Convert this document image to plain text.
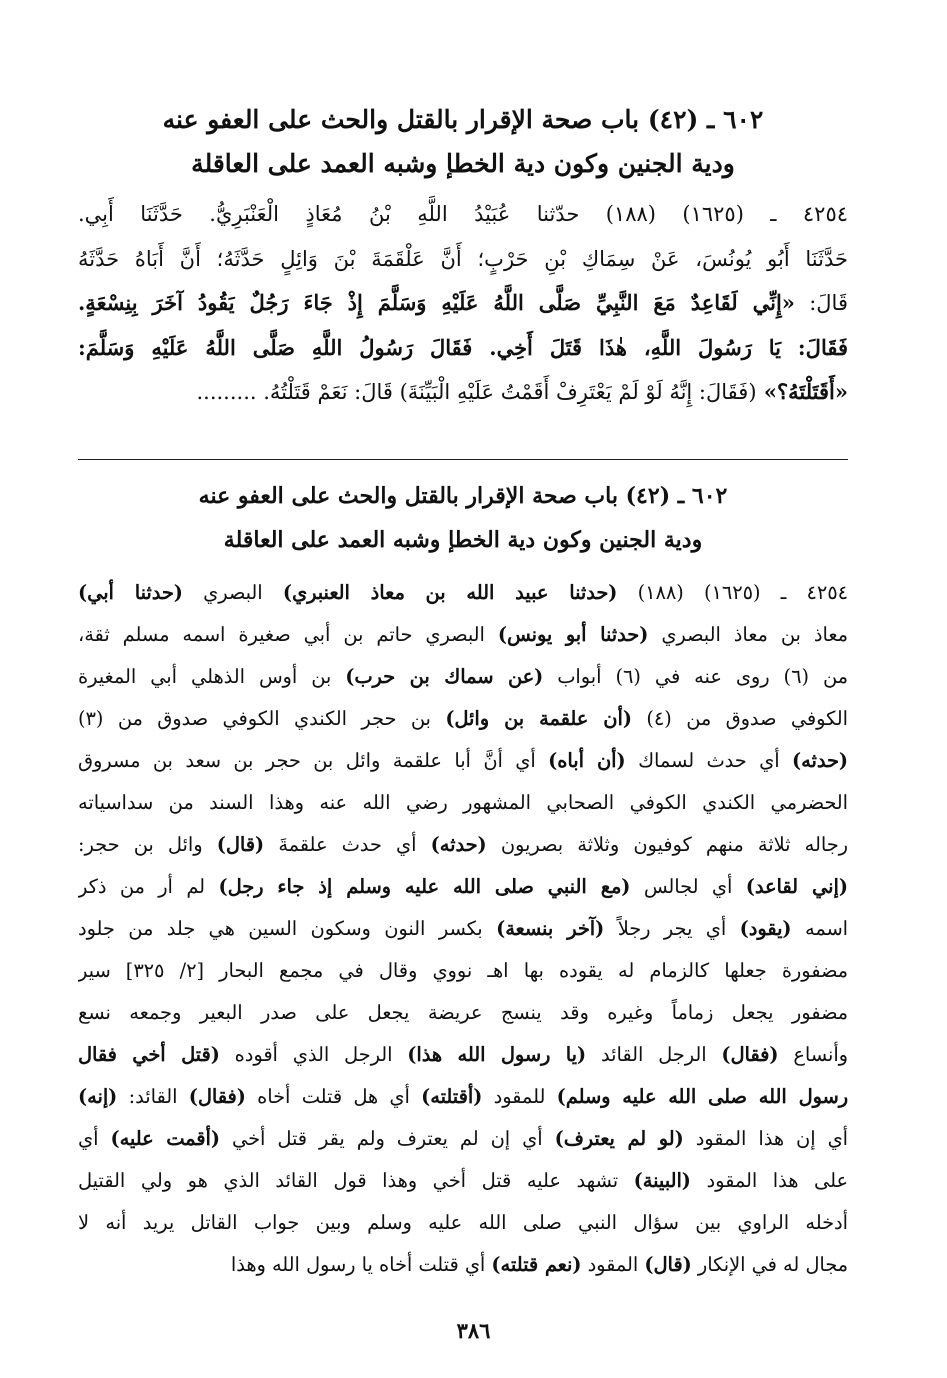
٦٠٢ ـ (٤٢) باب صحة الإقرار بالقتل والحث على العفو عنه
ودية الجنين وكون دية الخطإ وشبه العمد على العاقلة
٤٢٥٤ ـ (١٦٢٥) (١٨٨) حدّثنا عُبَيْدُ اللَّهِ بْنُ مُعَاذٍ الْعَنْبَرِيُّ. حَدَّثَنَا أَبِي.
حَدَّثَنَا أَبُو يُونُسَ، عَنْ سِمَاكِ بْنِ حَرْبٍ؛ أَنَّ عَلْقَمَةَ بْنَ وَائِلٍ حَدَّثَهُ؛ أَنَّ أَبَاهُ حَدَّثَهُ
قَالَ: «إِنِّي لَقَاعِدٌ مَعَ النَّبِيِّ صَلَّى اللَّهُ عَلَيْهِ وَسَلَّمَ إِذْ جَاءَ رَجُلٌ يَقُودُ آخَرَ بِنِسْعَةٍ.
فَقَالَ: يَا رَسُولَ اللَّهِ، هٰذَا قَتَلَ أَخِي. فَقَالَ رَسُولُ اللَّهِ صَلَّى اللَّهُ عَلَيْهِ وَسَلَّمَ:
«أَقَتَلْتَهُ؟» (فَقَالَ: إِنَّهُ لَوْ لَمْ يَعْتَرِفْ أَقَمْتُ عَلَيْهِ الْبَيِّنَةَ) قَالَ: نَعَمْ قَتَلْتُهُ. .........
٦٠٢ ـ (٤٢) باب صحة الإقرار بالقتل والحث على العفو عنه
ودية الجنين وكون دية الخطإ وشبه العمد على العاقلة
٤٢٥٤ ـ (١٦٢٥) (١٨٨) (حدثنا عبيد الله بن معاذ العنبري) البصري (حدثنا أبي)
معاذ بن معاذ البصري (حدثنا أبو يونس) البصري حاتم بن أبي صغيرة اسمه مسلم ثقة،
من (٦) روى عنه في (٦) أبواب (عن سماك بن حرب) بن أوس الذهلي أبي المغيرة
الكوفي صدوق من (٤) (أن علقمة بن وائل) بن حجر الكندي الكوفي صدوق من (٣)
(حدثه) أي حدث لسماك (أن أباه) أي أنَّ أبا علقمة وائل بن حجر بن سعد بن مسروق
الحضرمي الكندي الكوفي الصحابي المشهور رضي الله عنه وهذا السند من سداسياته
رجاله ثلاثة منهم كوفيون وثلاثة بصريون (حدثه) أي حدث علقمةَ (قال) وائل بن حجر:
(إني لقاعد) أي لجالس (مع النبي صلى الله عليه وسلم إذ جاء رجل) لم أر من ذكر
اسمه (يقود) أي يجر رجلاً (آخر بنسعة) بكسر النون وسكون السين هي جلد من جلود
مضفورة جعلها كالزمام له يقوده بها اهـ نووي وقال في مجمع البحار [٢/ ٣٢٥] سير
مضفور يجعل زماماً وغيره وقد ينسج عريضة يجعل على صدر البعير وجمعه نسع
وأنساع (فقال) الرجل القائد (يا رسول الله هذا) الرجل الذي أقوده (قتل أخي فقال
رسول الله صلى الله عليه وسلم) للمقود (أقتلته) أي هل قتلت أخاه (فقال) القائد: (إنه)
أي إن هذا المقود (لو لم يعترف) أي إن لم يعترف ولم يقر قتل أخي (أقمت عليه) أي
على هذا المقود (البينة) تشهد عليه قتل أخي وهذا قول القائد الذي هو ولي القتيل
أدخله الراوي بين سؤال النبي صلى الله عليه وسلم وبين جواب القاتل يريد أنه لا
مجال له في الإنكار (قال) المقود (نعم قتلته) أي قتلت أخاه يا رسول الله وهذا
٣٨٦
